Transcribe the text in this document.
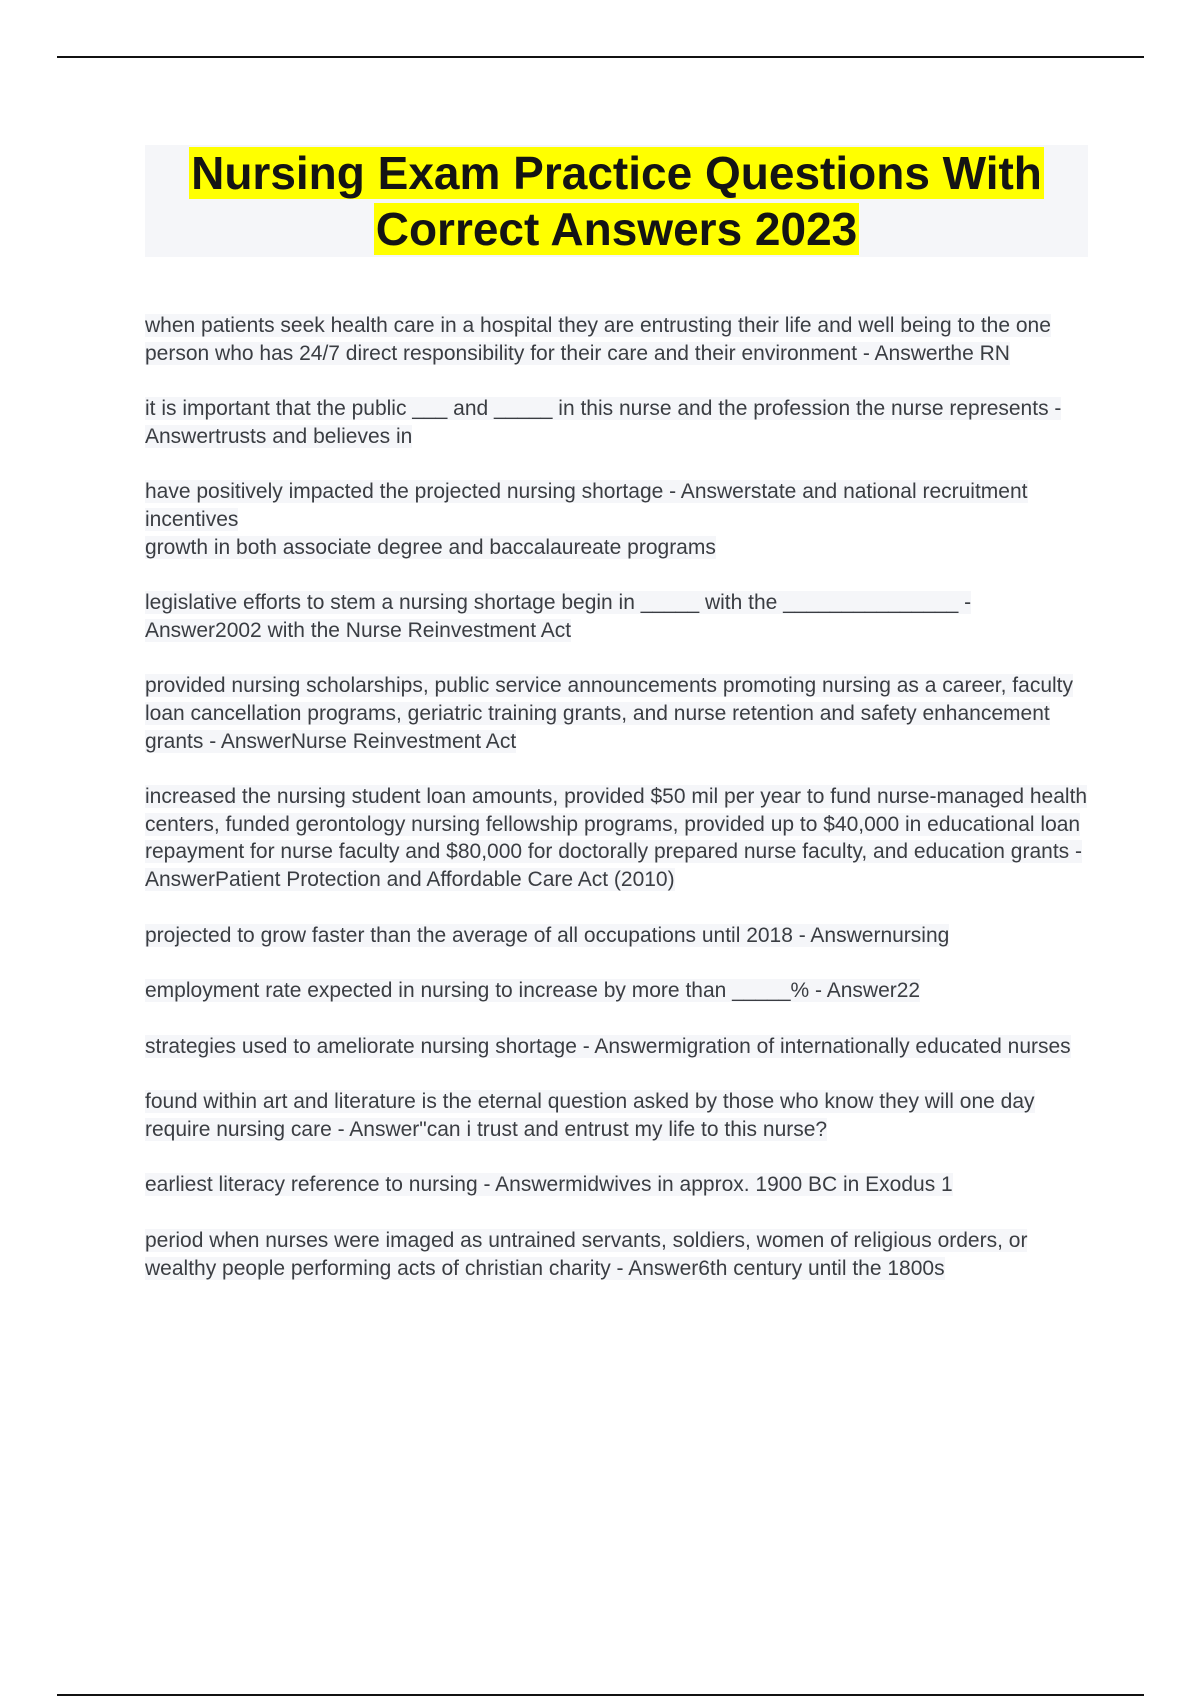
Nursing Exam Practice Questions With Correct Answers 2023

when patients seek health care in a hospital they are entrusting their life and well being to the one person who has 24/7 direct responsibility for their care and their environment - Answerthe RN

it is important that the public ___ and _____ in this nurse and the profession the nurse represents - Answertrusts and believes in

have positively impacted the projected nursing shortage - Answerstate and national recruitment incentives
growth in both associate degree and baccalaureate programs

legislative efforts to stem a nursing shortage begin in _____ with the _______________ - Answer2002 with the Nurse Reinvestment Act

provided nursing scholarships, public service announcements promoting nursing as a career, faculty loan cancellation programs, geriatric training grants, and nurse retention and safety enhancement grants - AnswerNurse Reinvestment Act

increased the nursing student loan amounts, provided $50 mil per year to fund nurse-managed health centers, funded gerontology nursing fellowship programs, provided up to $40,000 in educational loan repayment for nurse faculty and $80,000 for doctorally prepared nurse faculty, and education grants - AnswerPatient Protection and Affordable Care Act (2010)

projected to grow faster than the average of all occupations until 2018 - Answernursing

employment rate expected in nursing to increase by more than _____% - Answer22

strategies used to ameliorate nursing shortage - Answermigration of internationally educated nurses

found within art and literature is the eternal question asked by those who know they will one day require nursing care - Answer"can i trust and entrust my life to this nurse?

earliest literacy reference to nursing - Answermidwives in approx. 1900 BC in Exodus 1

period when nurses were imaged as untrained servants, soldiers, women of religious orders, or wealthy people performing acts of christian charity - Answer6th century until the 1800s
